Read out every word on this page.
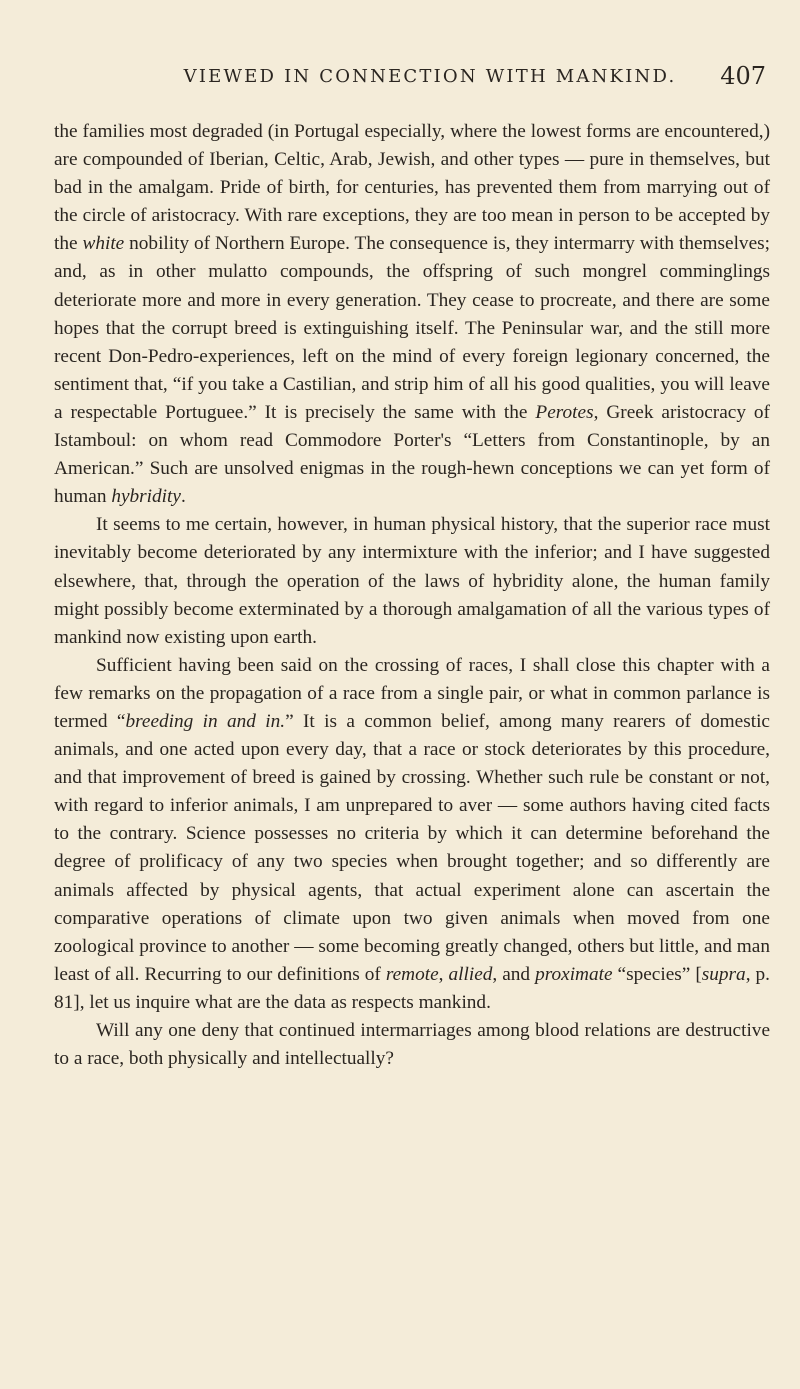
VIEWED IN CONNECTION WITH MANKIND.	407

the families most degraded (in Portugal especially, where the lowest forms are encountered,) are compounded of Iberian, Celtic, Arab, Jewish, and other types — pure in themselves, but bad in the amalgam. Pride of birth, for centuries, has prevented them from marrying out of the circle of aristocracy. With rare exceptions, they are too mean in person to be accepted by the white nobility of Northern Europe. The consequence is, they intermarry with themselves; and, as in other mulatto compounds, the offspring of such mongrel comminglings deteriorate more and more in every generation. They cease to procreate, and there are some hopes that the corrupt breed is extinguishing itself. The Peninsular war, and the still more recent Don-Pedro-experiences, left on the mind of every foreign legionary concerned, the sentiment that, “if you take a Castilian, and strip him of all his good qualities, you will leave a respectable Portuguee.” It is precisely the same with the Perotes, Greek aristocracy of Istamboul: on whom read Commodore Porter's “Letters from Constantinople, by an American.” Such are unsolved enigmas in the rough-hewn conceptions we can yet form of human hybridity.

It seems to me certain, however, in human physical history, that the superior race must inevitably become deteriorated by any intermixture with the inferior; and I have suggested elsewhere, that, through the operation of the laws of hybridity alone, the human family might possibly become exterminated by a thorough amalgamation of all the various types of mankind now existing upon earth.

Sufficient having been said on the crossing of races, I shall close this chapter with a few remarks on the propagation of a race from a single pair, or what in common parlance is termed “breeding in and in.” It is a common belief, among many rearers of domestic animals, and one acted upon every day, that a race or stock deteriorates by this procedure, and that improvement of breed is gained by crossing. Whether such rule be constant or not, with regard to inferior animals, I am unprepared to aver — some authors having cited facts to the contrary. Science possesses no criteria by which it can determine beforehand the degree of prolificacy of any two species when brought together; and so differently are animals affected by physical agents, that actual experiment alone can ascertain the comparative operations of climate upon two given animals when moved from one zoological province to another — some becoming greatly changed, others but little, and man least of all. Recurring to our definitions of remote, allied, and proximate “species” [supra, p. 81], let us inquire what are the data as respects mankind.

Will any one deny that continued intermarriages among blood relations are destructive to a race, both physically and intellectually?
